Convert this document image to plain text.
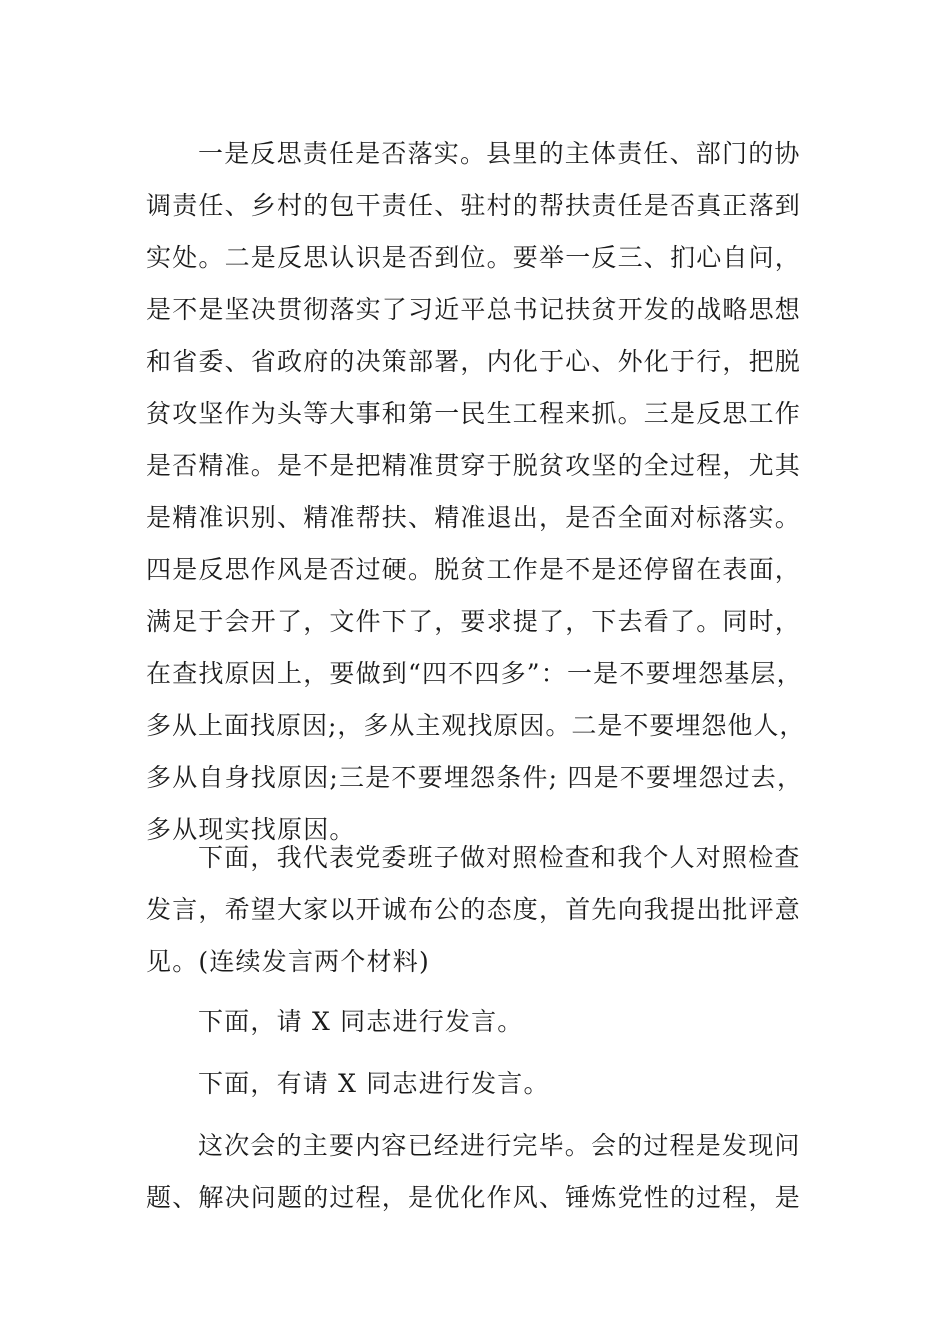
一是反思责任是否落实。县里的主体责任、部门的协
调责任、乡村的包干责任、驻村的帮扶责任是否真正落到
实处。二是反思认识是否到位。要举一反三、扪心自问，
是不是坚决贯彻落实了习近平总书记扶贫开发的战略思想
和省委、省政府的决策部署，内化于心、外化于行，把脱
贫攻坚作为头等大事和第一民生工程来抓。三是反思工作
是否精准。是不是把精准贯穿于脱贫攻坚的全过程，尤其
是精准识别、精准帮扶、精准退出，是否全面对标落实。
四是反思作风是否过硬。脱贫工作是不是还停留在表面，
满足于会开了，文件下了，要求提了，下去看了。同时，
在查找原因上，要做到“四不四多”：一是不要埋怨基层，
多从上面找原因;，多从主观找原因。二是不要埋怨他人，
多从自身找原因;三是不要埋怨条件; 四是不要埋怨过去，
多从现实找原因。
下面，我代表党委班子做对照检查和我个人对照检查
发言，希望大家以开诚布公的态度，首先向我提出批评意
见。(连续发言两个材料)
下面，请 X 同志进行发言。
下面，有请 X 同志进行发言。
这次会的主要内容已经进行完毕。会的过程是发现问
题、解决问题的过程，是优化作风、锤炼党性的过程，是
